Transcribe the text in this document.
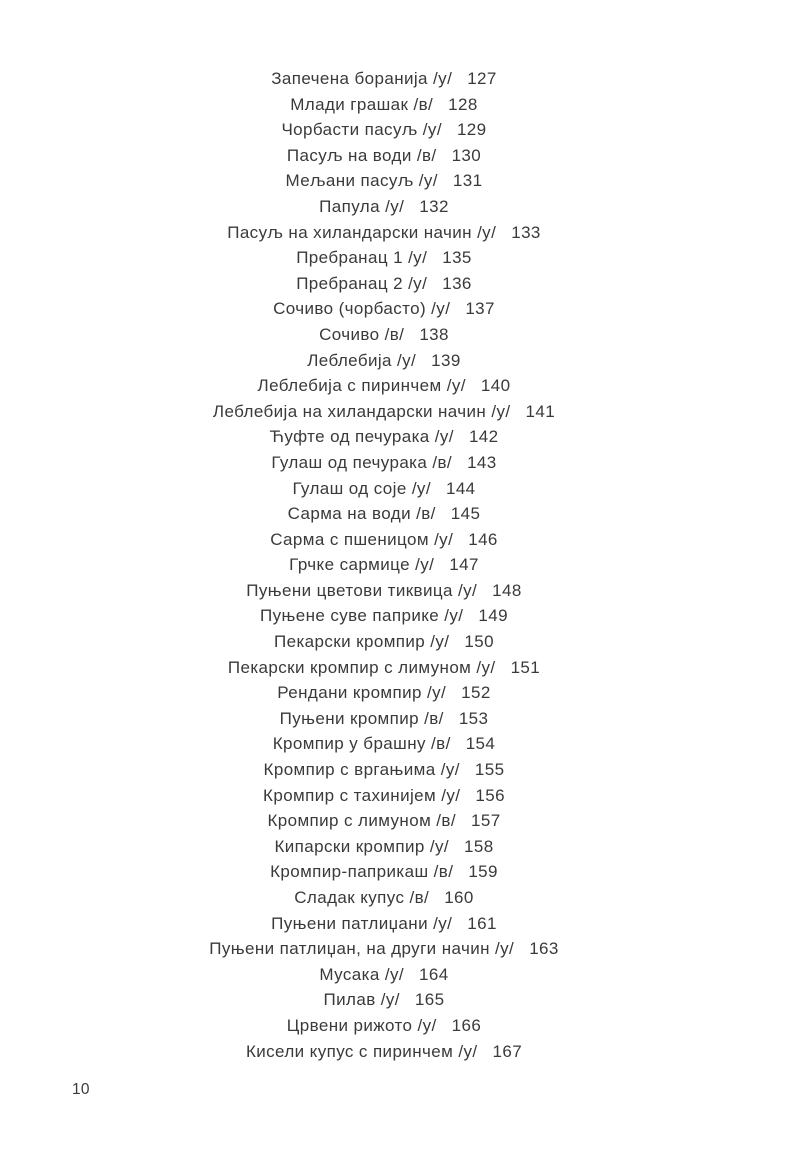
Запечена боранија /у/ 127
Млади грашак /в/ 128
Чорбасти пасуљ /у/ 129
Пасуљ на води /в/ 130
Мељани пасуљ /у/ 131
Папула /у/ 132
Пасуљ на хиландарски начин /у/ 133
Пребранац 1 /у/ 135
Пребранац 2 /у/ 136
Сочиво (чорбасто) /у/ 137
Сочиво /в/ 138
Леблебија /у/ 139
Леблебија с пиринчем /у/ 140
Леблебија на хиландарски начин /у/ 141
Ћуфте од печурака /у/ 142
Гулаш од печурака /в/ 143
Гулаш од соје /у/ 144
Сарма на води /в/ 145
Сарма с пшеницом /у/ 146
Грчке сармице /у/ 147
Пуњени цветови тиквица /у/ 148
Пуњене суве паприке /у/ 149
Пекарски кромпир /у/ 150
Пекарски кромпир с лимуном /у/ 151
Рендани кромпир /у/ 152
Пуњени кромпир /в/ 153
Кромпир у брашну /в/ 154
Кромпир с вргањима /у/ 155
Кромпир с тахинијем /у/ 156
Кромпир с лимуном /в/ 157
Кипарски кромпир /у/ 158
Кромпир-паприкаш /в/ 159
Сладак купус /в/ 160
Пуњени патлиџани /у/ 161
Пуњени патлиџан, на други начин /у/ 163
Мусака /у/ 164
Пилав /у/ 165
Црвени рижото /у/ 166
Кисели купус с пиринчем /у/ 167
10
